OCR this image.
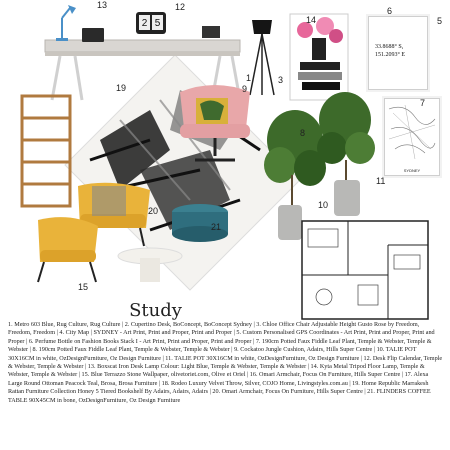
2 5
33.8688° S,
151.2093° E
SYDNEY
13	12	6
5
14
1	3
9
19
7
8
11
10
20
21
15
Study
1. Metro 603 Blue, Rug Culture, Rug Culture | 2. Cupertino Desk, BoConcept, BoConcept Sydney | 3. Chloe Office Chair Adjustable Height Gusto Rose by Freedom, Freedom, Freedom | 4. City Map | SYDNEY - Art Print, Print and Proper, Print and Proper | 5. Custom Personalised GPS Coordinates - Art Print, Print and Proper, Print and Proper | 6. Perfume Bottle on Fashion Books Stack I - Art Print, Print and Proper, Print and Proper | 7. 190cm Potted Faux Fiddle Leaf Plant, Temple & Webster, Temple & Webster | 8. 190cm Potted Faux Fiddle Leaf Plant, Temple & Webster, Temple & Webster | 9. Cockatoo Jungle Cushion, Adairs, Hills Super Centre | 10. TALIE POT 30X16CM in white, OzDesignFurniture, Oz Design Furniture | 11. TALIE POT 30X16CM in white, OzDesignFurniture, Oz Design Furniture | 12. Desk Flip Calendar, Temple & Webster, Temple & Webster | 13. Boxscat Iron Desk Lamp Colour: Light Blue, Temple & Webster, Temple & Webster | 14. Kyta Metal Tripod Floor Lamp, Temple & Webster, Temple & Webster | 15. Blue Terrazzo Stone Wallpaper, olivetoriet.com, Olive et Oriel | 16. Omari Armchair, Focus On Furniture, Hills Super Centre | 17. Alexa Large Round Ottoman Peacock Teal, Brosa, Brosa Furniture | 18. Rodeo Luxury Velvet Throw, Silver, COJO Home, Livingstyles.com.au | 19. Home Republic Marrakesh Rattan Furniture Collection Honey 5 Tiered Bookshelf By Adairs, Adairs, Adairs | 20. Omari Armchair, Focus On Furniture, Hills Super Centre | 21. FLINDERS COFFEE TABLE 90X45CM in bone, OzDesignFurniture, Oz Design Furniture
